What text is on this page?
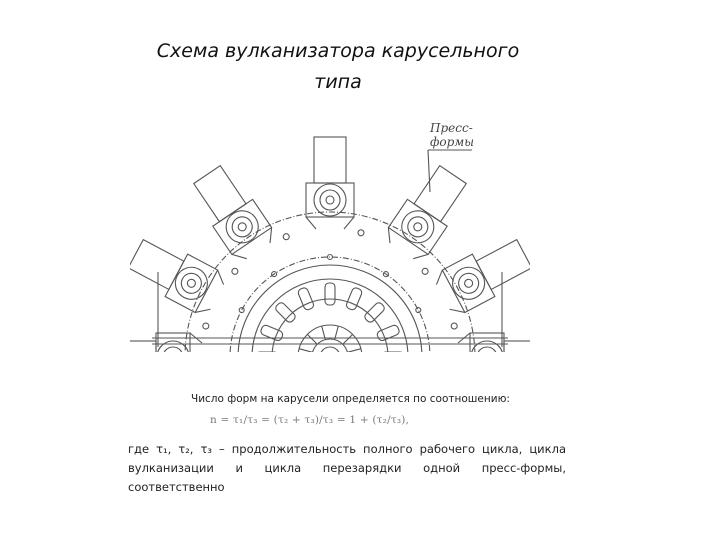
Схема вулканизатора карусельного
типа
Пресс-
формы
Число форм на карусели определяется по соотношению:
n = τ₁/τ₃ = (τ₂ + τ₃)/τ₃ = 1 + (τ₂/τ₃),
где τ₁, τ₂, τ₃ – продолжительность полного рабочего цикла, цикла вулканизации и цикла перезарядки одной пресс-формы, соответственно
